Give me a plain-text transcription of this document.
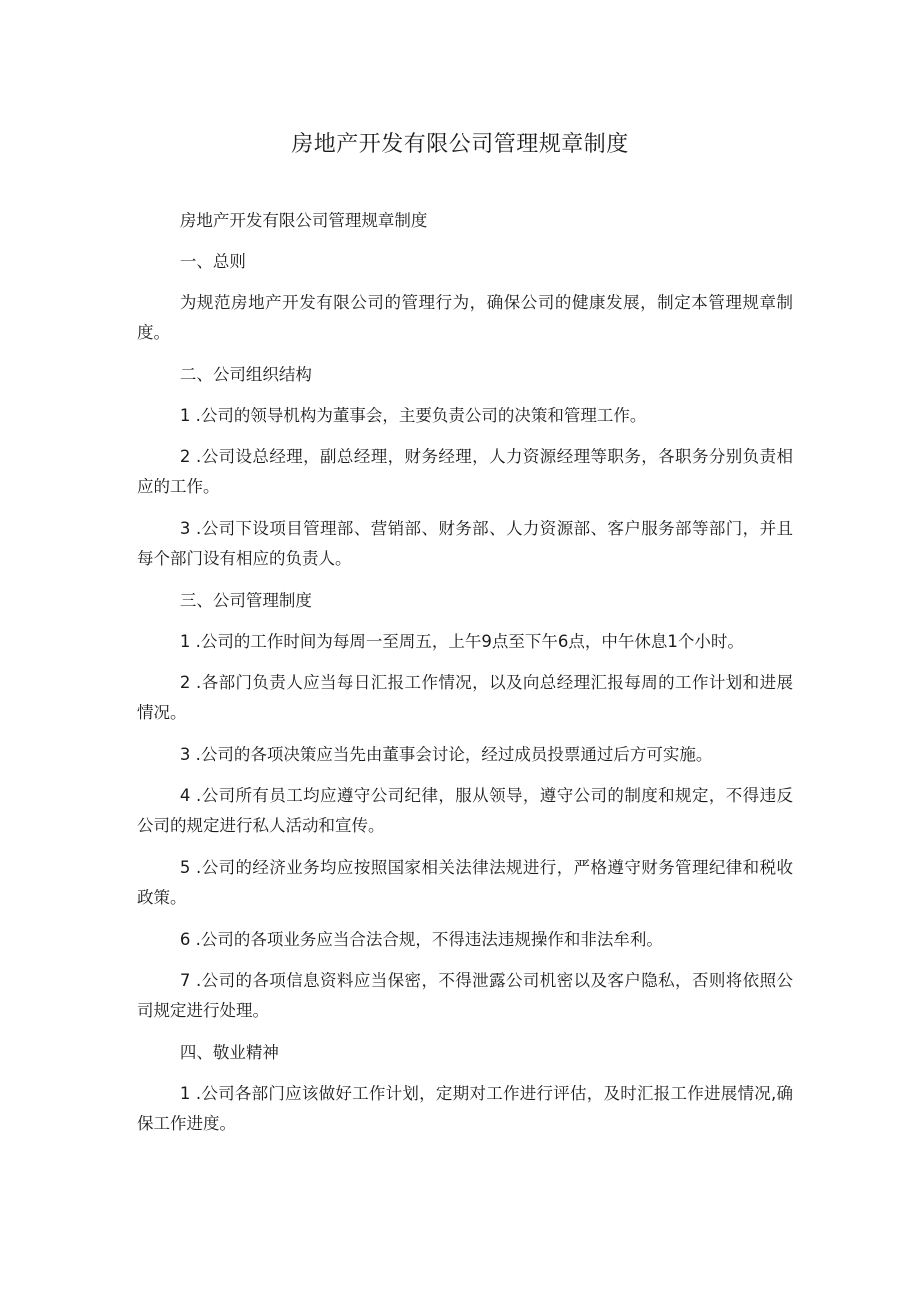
房地产开发有限公司管理规章制度

房地产开发有限公司管理规章制度

一、总则

为规范房地产开发有限公司的管理行为，确保公司的健康发展，制定本管理规章制度。

二、公司组织结构

1 .公司的领导机构为董事会，主要负责公司的决策和管理工作。

2 .公司设总经理，副总经理，财务经理，人力资源经理等职务，各职务分别负责相应的工作。

3 .公司下设项目管理部、营销部、财务部、人力资源部、客户服务部等部门，并且每个部门设有相应的负责人。

三、公司管理制度

1 .公司的工作时间为每周一至周五，上午9点至下午6点，中午休息1个小时。

2 .各部门负责人应当每日汇报工作情况，以及向总经理汇报每周的工作计划和进展情况。

3 .公司的各项决策应当先由董事会讨论，经过成员投票通过后方可实施。

4 .公司所有员工均应遵守公司纪律，服从领导，遵守公司的制度和规定，不得违反公司的规定进行私人活动和宣传。

5 .公司的经济业务均应按照国家相关法律法规进行，严格遵守财务管理纪律和税收政策。

6 .公司的各项业务应当合法合规，不得违法违规操作和非法牟利。

7 .公司的各项信息资料应当保密，不得泄露公司机密以及客户隐私，否则将依照公司规定进行处理。

四、敬业精神

1 .公司各部门应该做好工作计划，定期对工作进行评估，及时汇报工作进展情况,确保工作进度。
